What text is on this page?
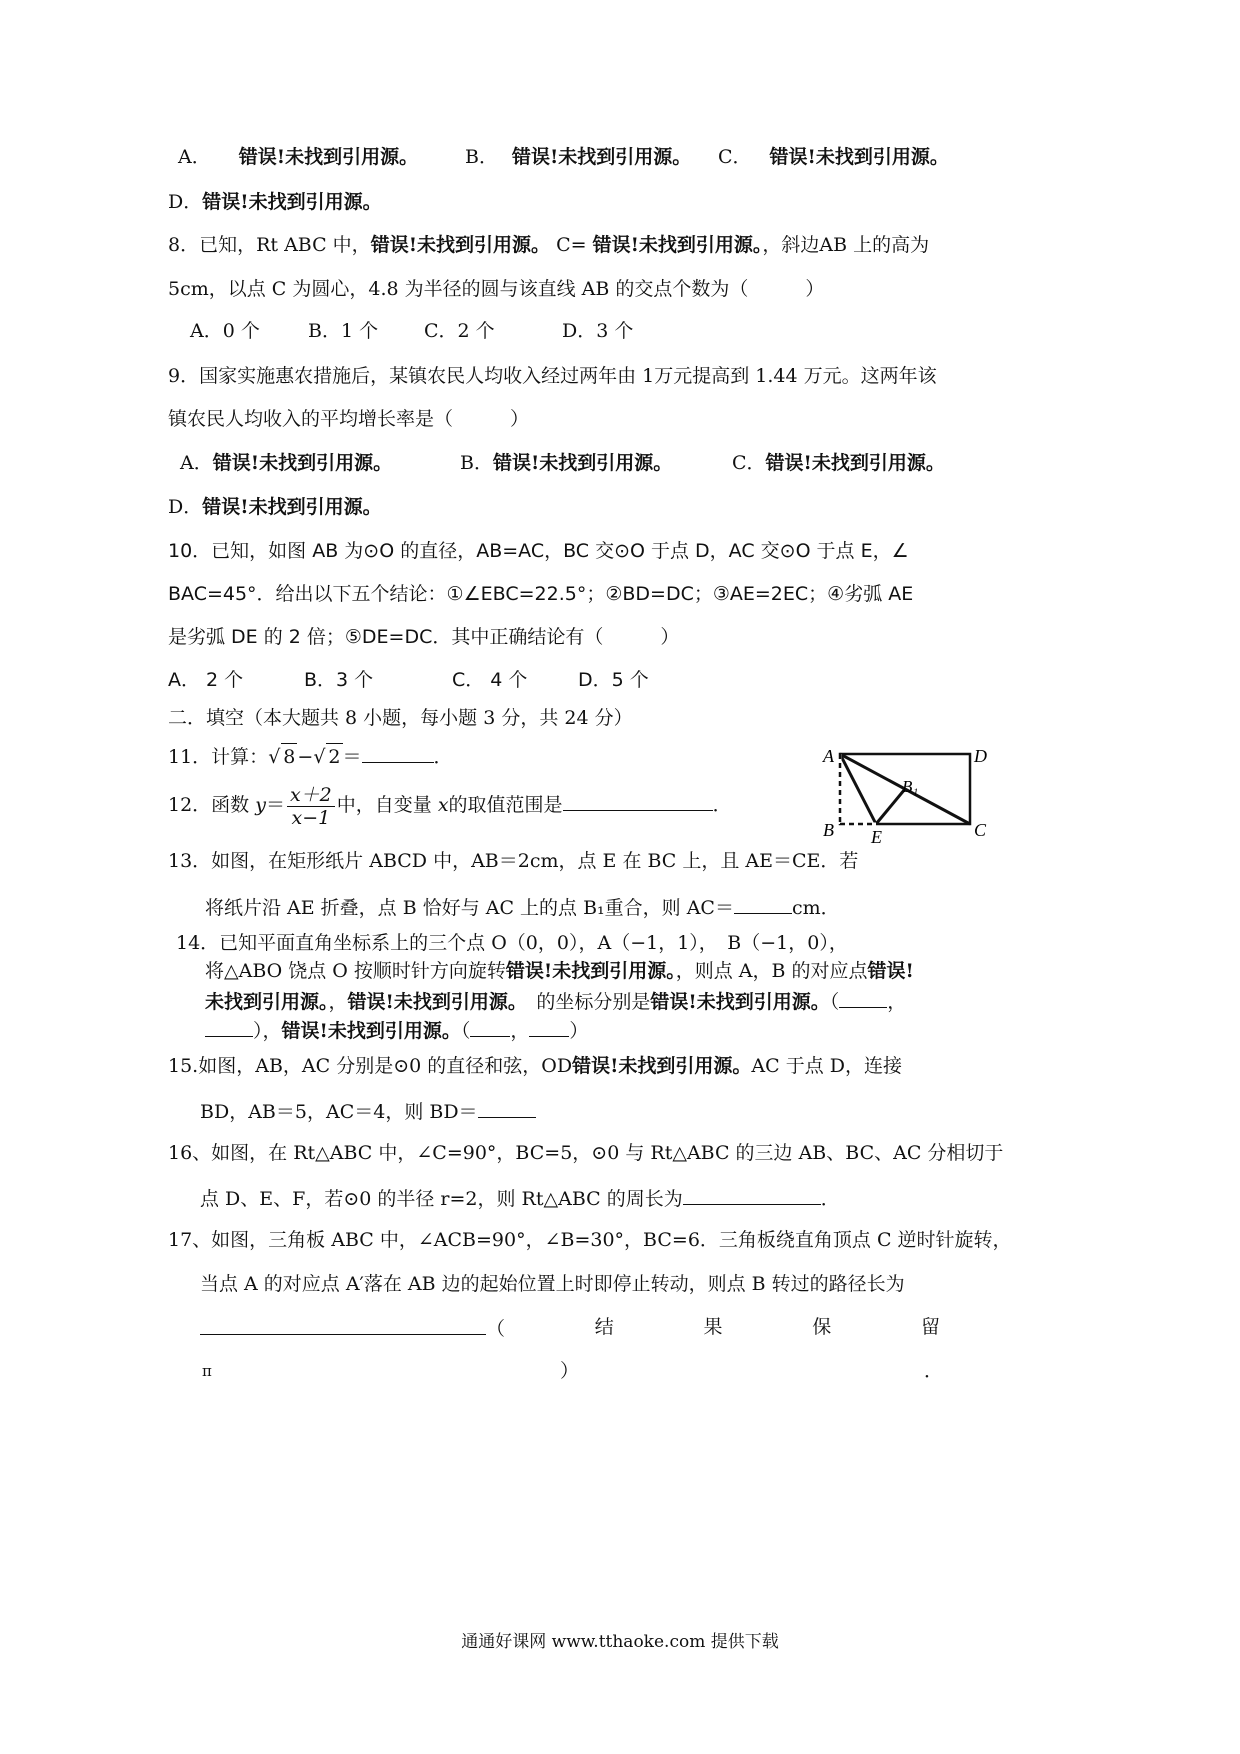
A． 错误!未找到引用源。 B． 错误!未找到引用源。 C． 错误!未找到引用源。
D．错误!未找到引用源。
8．已知，Rt ABC 中，错误!未找到引用源。 C= 错误!未找到引用源。，斜边AB 上的高为
5cm，以点 C 为圆心，4.8 为半径的圆与该直线 AB 的交点个数为（　　　）
A．0 个	B．1 个 C．2 个	D．3 个
9．国家实施惠农措施后，某镇农民人均收入经过两年由 1万元提高到 1.44 万元。这两年该
镇农民人均收入的平均增长率是（　　　）
A．错误!未找到引用源。	B．错误!未找到引用源。	C．错误!未找到引用源。
D．错误!未找到引用源。
10．已知，如图 AB 为⊙O 的直径，AB=AC，BC 交⊙O 于点 D，AC 交⊙O 于点 E，∠
BAC=45°．给出以下五个结论：①∠EBC=22.5°；②BD=DC；③AE=2EC；④劣弧 AE
是劣弧 DE 的 2 倍；⑤DE=DC．其中正确结论有（　　　）
A． 2 个	B．3 个	C． 4 个	D．5 个
二．填空（本大题共 8 小题，每小题 3 分，共 24 分）
11．计算：√ 8 −√ 2 ＝	．
12．函数 $y= \frac{x+2}{x-1}$ 中，自变量 x的取值范围是	．
A	D
B	C
E
B₁
13．如图，在矩形纸片 ABCD 中，AB＝2cm，点 E 在 BC 上，且 AE＝CE．若
将纸片沿 AE 折叠，点 B 恰好与 AC 上的点 B₁重合，则 AC＝	cm．
14．已知平面直角坐标系上的三个点 O（0，0），A（−1，1），　B（−1，0），
将△ABO 饶点 O 按顺时针方向旋转错误!未找到引用源。，则点 A，B 的对应点错误!
未找到引用源。，错误!未找到引用源。　的坐标分别是错误!未找到引用源。（	，
），错误!未找到引用源。（ ， ）
15.如图，AB，AC 分别是⊙0 的直径和弦，OD错误!未找到引用源。AC 于点 D，连接
BD，AB＝5，AC＝4，则 BD＝
16、如图，在 Rt△ABC 中，∠C=90°，BC=5，⊙0 与 Rt△ABC 的三边 AB、BC、AC 分相切于
点 D、E、F，若⊙0 的半径 r=2，则 Rt△ABC 的周长为	．
17、如图，三角板 ABC 中，∠ACB=90°，∠B=30°，BC=6．三角板绕直角顶点 C 逆时针旋转，
当点 A 的对应点 A′落在 AB 边的起始位置上时即停止转动，则点 B 转过的路径长为
（	结	果	保	留
π	）	．
通通好课网 www.tthaoke.com 提供下载
